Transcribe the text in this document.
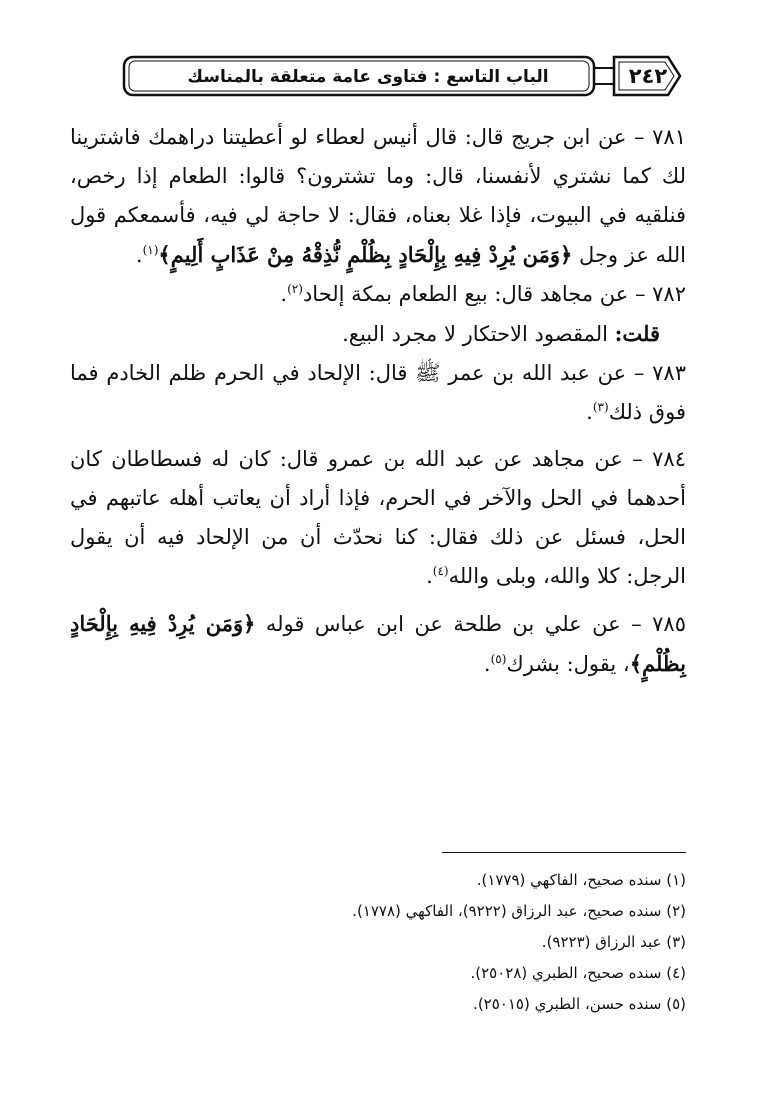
الباب التاسع : فتاوى عامة متعلقة بالمناسك	٢٤٢

٧٨١ – عن ابن جريج قال: قال أنيس لعطاء لو أعطيتنا دراهمك فاشترينا لك كما نشتري لأنفسنا، قال: وما تشترون؟ قالوا: الطعام إذا رخص، فنلقيه في البيوت، فإذا غلا بعناه، فقال: لا حاجة لي فيه، فأسمعكم قول الله عز وجل ﴿وَمَن يُرِدْ فِيهِ بِإِلْحَادٍ بِظُلْمٍ نُّذِقْهُ مِنْ عَذَابٍ أَلِيمٍ﴾$^{(١)}$.

٧٨٢ – عن مجاهد قال: بيع الطعام بمكة إلحاد$^{(٢)}$.

قلت: المقصود الاحتكار لا مجرد البيع.

٧٨٣ – عن عبد الله بن عمر ﷺ قال: الإلحاد في الحرم ظلم الخادم فما فوق ذلك$^{(٣)}$.

٧٨٤ – عن مجاهد عن عبد الله بن عمرو قال: كان له فسطاطان كان أحدهما في الحل والآخر في الحرم، فإذا أراد أن يعاتب أهله عاتبهم في الحل، فسئل عن ذلك فقال: كنا نحدّث أن من الإلحاد فيه أن يقول الرجل: كلا والله، وبلى والله$^{(٤)}$.

٧٨٥ – عن علي بن طلحة عن ابن عباس قوله ﴿وَمَن يُرِدْ فِيهِ بِإِلْحَادٍ بِظُلْمٍ﴾، يقول: بشرك$^{(٥)}$.

(١) سنده صحيح، الفاكهي (١٧٧٩).

(٢) سنده صحيح، عبد الرزاق (٩٢٢٢)، الفاكهي (١٧٧٨).

(٣) عبد الرزاق (٩٢٢٣).

(٤) سنده صحيح، الطبري (٢٥٠٢٨).

(٥) سنده حسن، الطبري (٢٥٠١٥).
